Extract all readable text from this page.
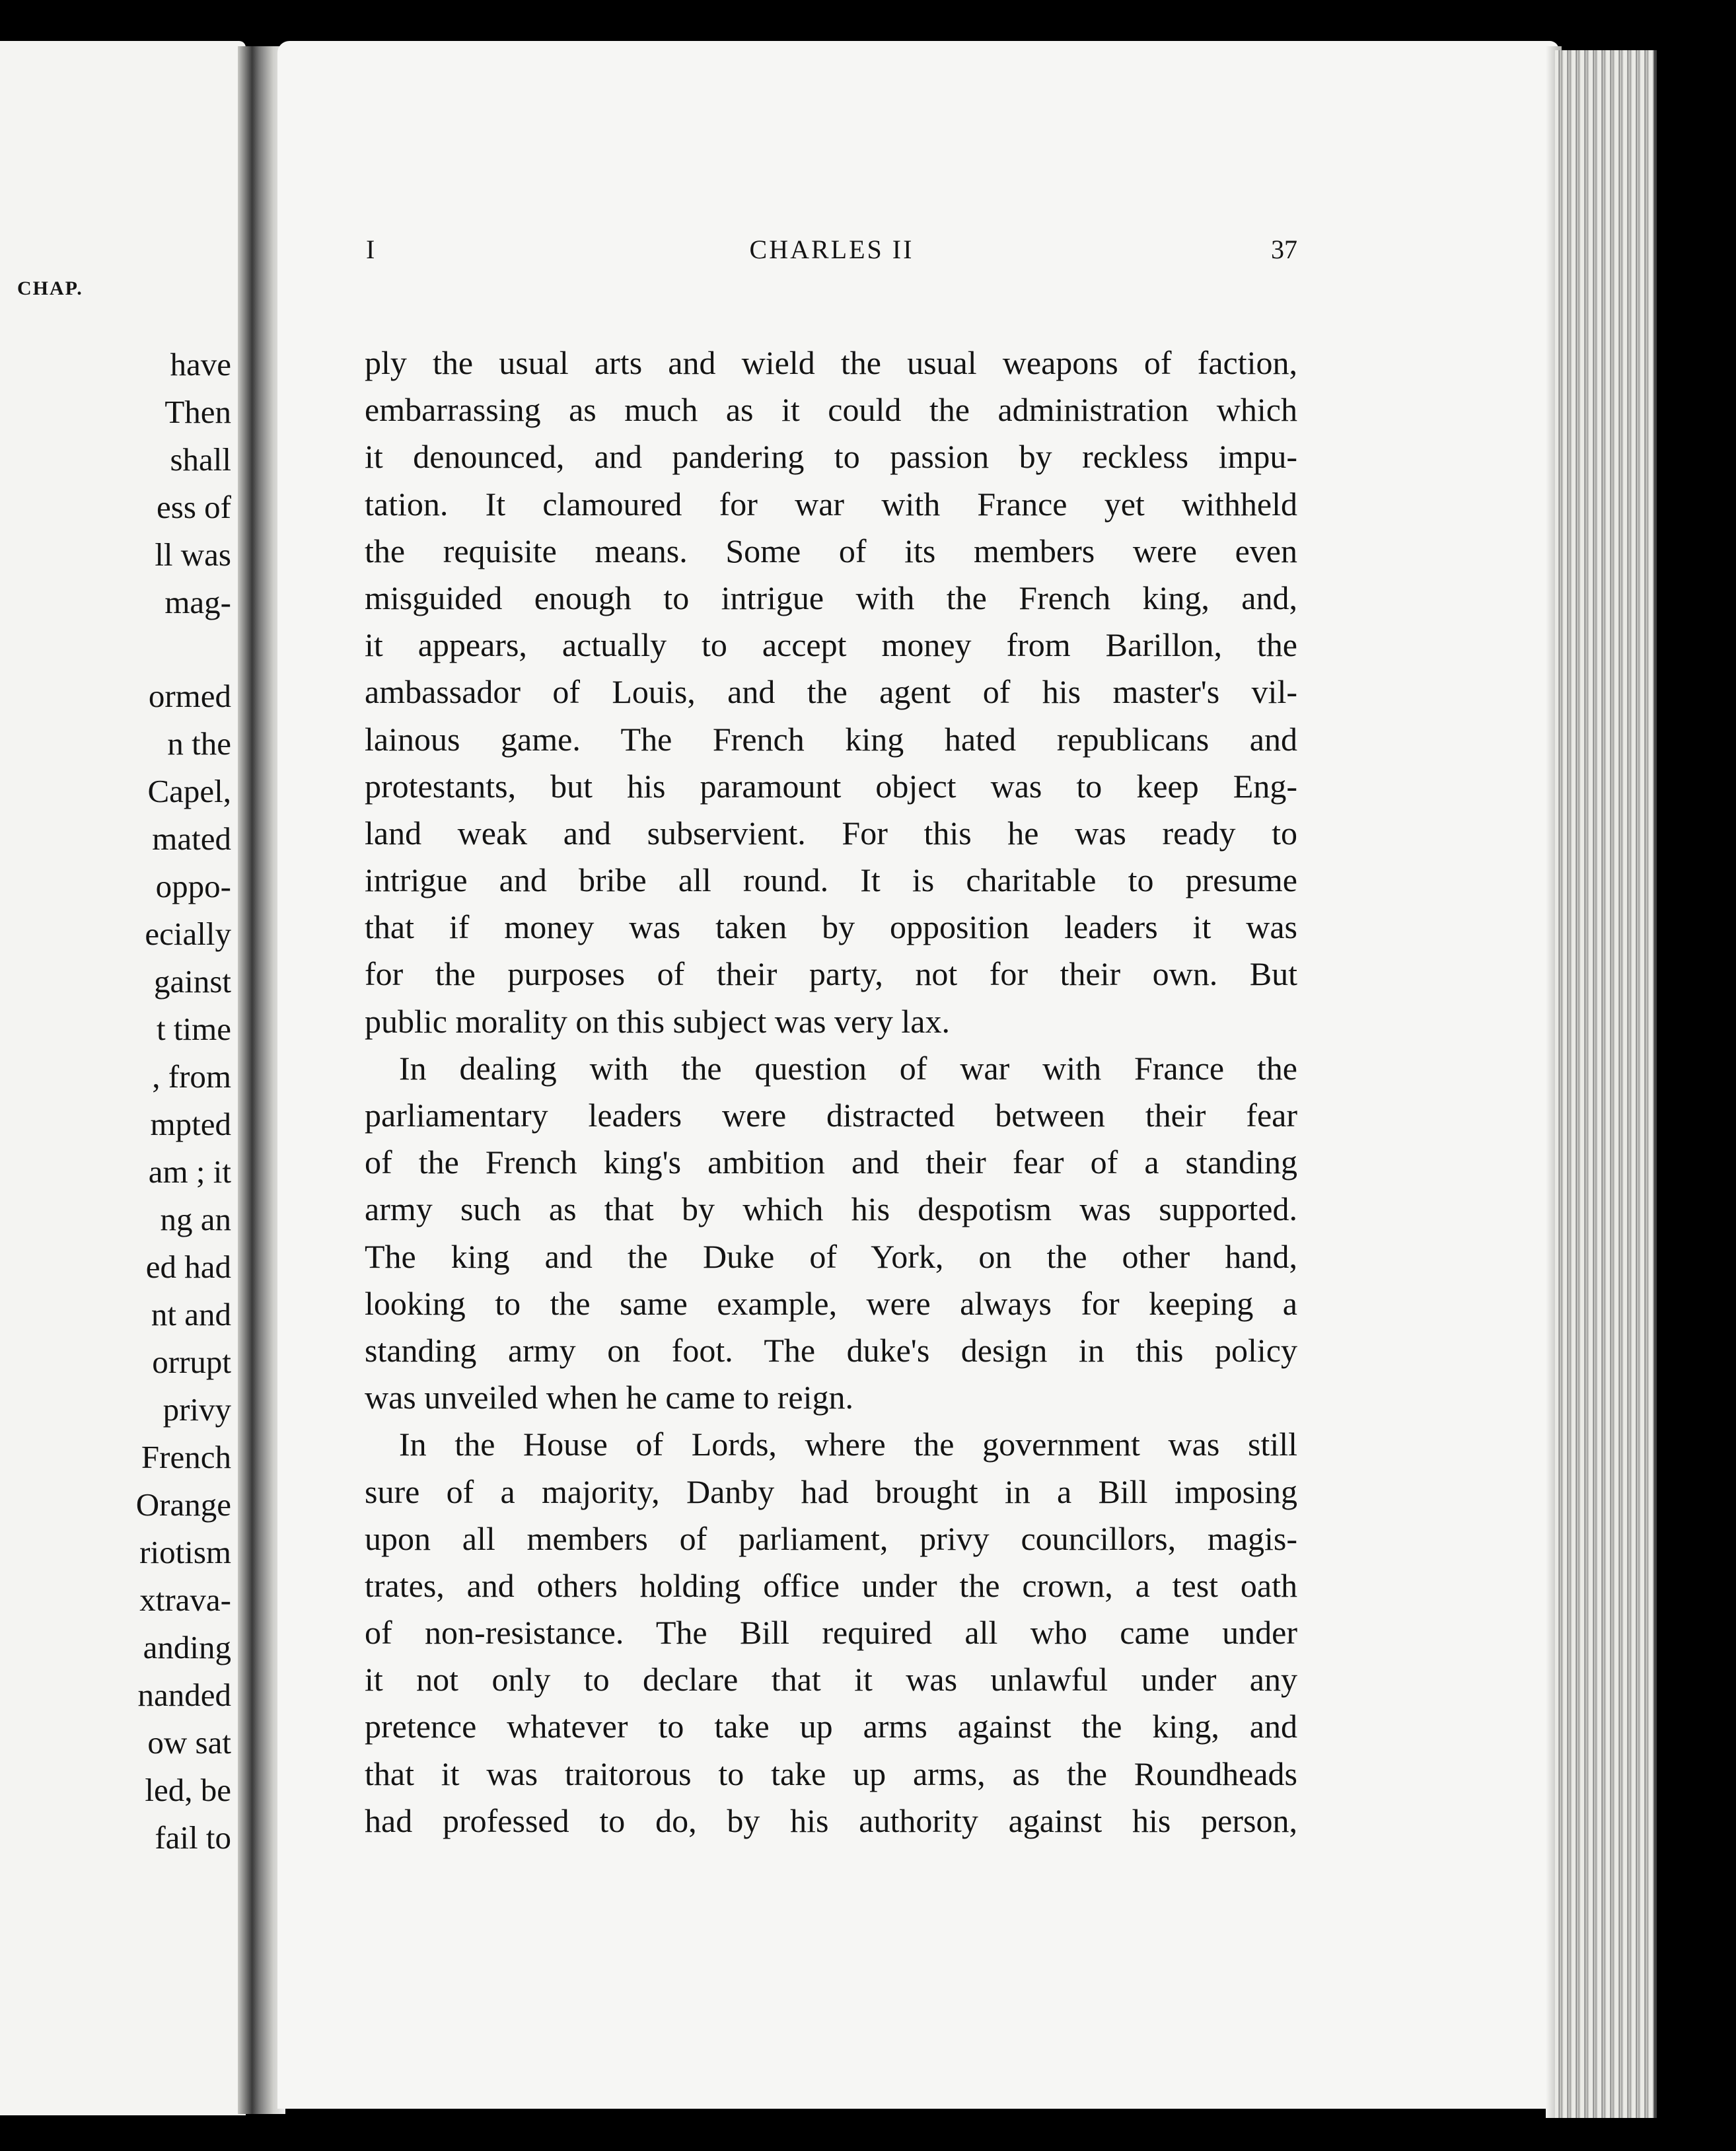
CHAP.
have
Then
shall
ess of
ll was
mag-
ormed
n the
Capel,
mated
oppo-
ecially
gainst
t time
, from
mpted
am ; it
ng an
ed had
nt and
orrupt
privy
French
Orange
riotism
xtrava-
anding
nanded
ow sat
led, be
fail to
I	CHARLES II	37
ply the usual arts and wield the usual weapons of faction,
embarrassing as much as it could the administration which
it denounced, and pandering to passion by reckless impu-
tation. It clamoured for war with France yet withheld
the requisite means. Some of its members were even
misguided enough to intrigue with the French king, and,
it appears, actually to accept money from Barillon, the
ambassador of Louis, and the agent of his master's vil-
lainous game. The French king hated republicans and
protestants, but his paramount object was to keep Eng-
land weak and subservient. For this he was ready to
intrigue and bribe all round. It is charitable to presume
that if money was taken by opposition leaders it was
for the purposes of their party, not for their own. But
public morality on this subject was very lax.
In dealing with the question of war with France the
parliamentary leaders were distracted between their fear
of the French king's ambition and their fear of a standing
army such as that by which his despotism was supported.
The king and the Duke of York, on the other hand,
looking to the same example, were always for keeping a
standing army on foot. The duke's design in this policy
was unveiled when he came to reign.
In the House of Lords, where the government was still
sure of a majority, Danby had brought in a Bill imposing
upon all members of parliament, privy councillors, magis-
trates, and others holding office under the crown, a test oath
of non-resistance. The Bill required all who came under
it not only to declare that it was unlawful under any
pretence whatever to take up arms against the king, and
that it was traitorous to take up arms, as the Roundheads
had professed to do, by his authority against his person,
